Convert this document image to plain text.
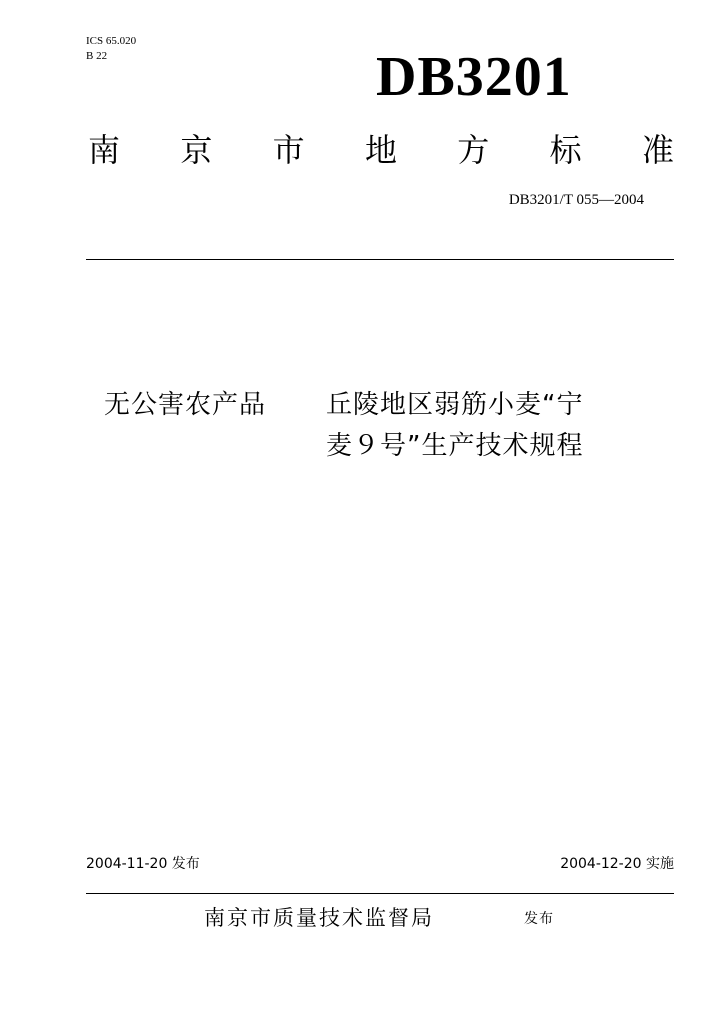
ICS 65.020
B 22	DB3201
南 京 市 地 方 标 准
DB3201/T 055—2004
无公害农产品 丘陵地区弱筋小麦“宁
麦９号”生产技术规程
2004-11-20 发布	2004-12-20 实施
南京市质量技术监督局	发布
